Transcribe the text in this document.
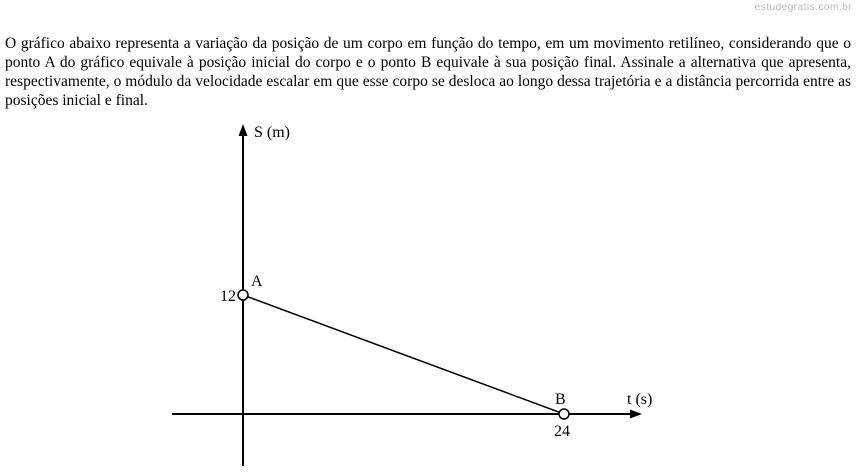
estudegratis.com.br

O gráfico abaixo representa a variação da posição de um corpo em função do tempo, em um movimento retilíneo, considerando que o ponto A do gráfico equivale à posição inicial do corpo e o ponto B equivale à sua posição final. Assinale a alternativa que apresenta, respectivamente, o módulo da velocidade escalar em que esse corpo se desloca ao longo dessa trajetória e a distância percorrida entre as posições inicial e final.

S (m)
t (s)
A
12
B
24
